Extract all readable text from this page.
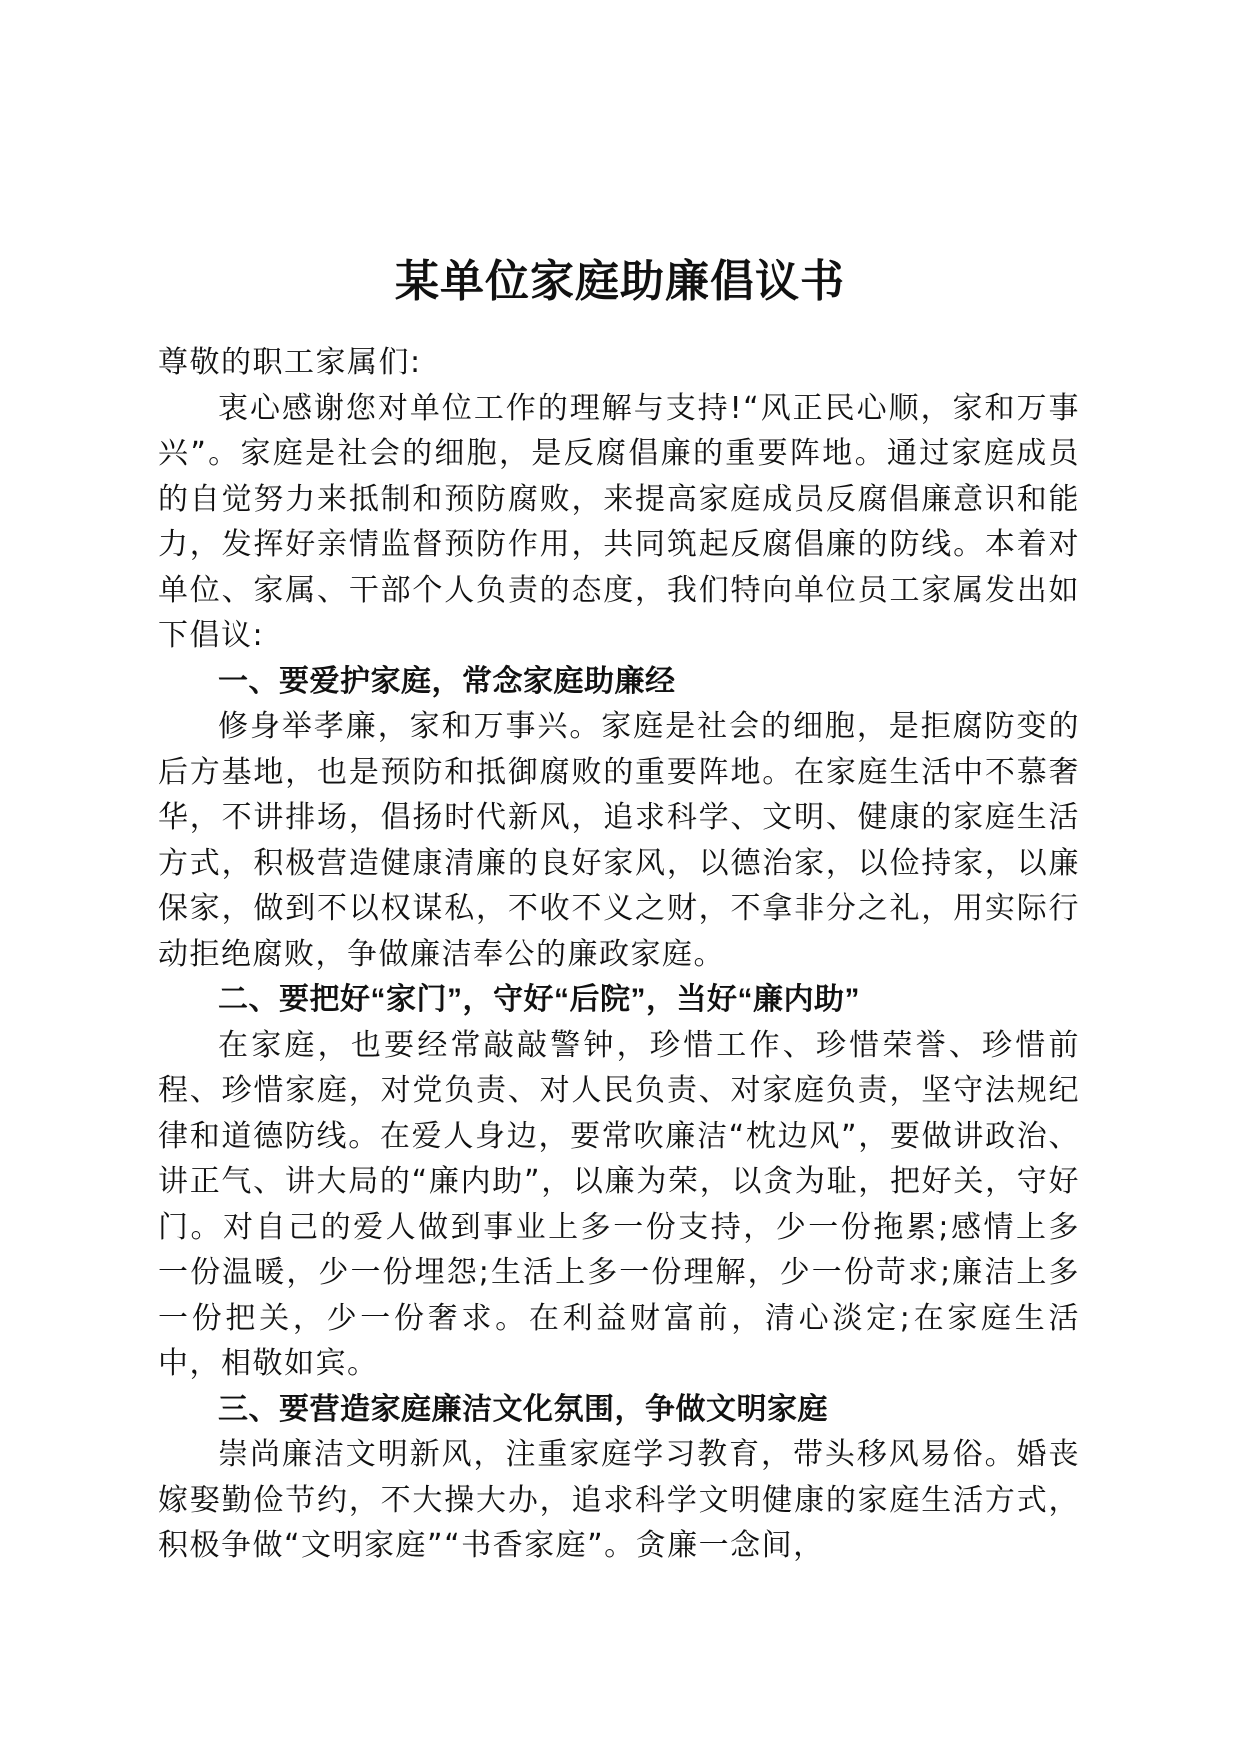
某单位家庭助廉倡议书

尊敬的职工家属们:

衷心感谢您对单位工作的理解与支持!“风正民心顺，家和万事兴”。家庭是社会的细胞，是反腐倡廉的重要阵地。通过家庭成员的自觉努力来抵制和预防腐败，来提高家庭成员反腐倡廉意识和能力，发挥好亲情监督预防作用，共同筑起反腐倡廉的防线。本着对单位、家属、干部个人负责的态度，我们特向单位员工家属发出如下倡议:

一、要爱护家庭，常念家庭助廉经

修身举孝廉，家和万事兴。家庭是社会的细胞，是拒腐防变的后方基地，也是预防和抵御腐败的重要阵地。在家庭生活中不慕奢华，不讲排场，倡扬时代新风，追求科学、文明、健康的家庭生活方式，积极营造健康清廉的良好家风，以德治家，以俭持家，以廉保家，做到不以权谋私，不收不义之财，不拿非分之礼，用实际行动拒绝腐败，争做廉洁奉公的廉政家庭。

二、要把好“家门”，守好“后院”，当好“廉内助”

在家庭，也要经常敲敲警钟，珍惜工作、珍惜荣誉、珍惜前程、珍惜家庭，对党负责、对人民负责、对家庭负责，坚守法规纪律和道德防线。在爱人身边，要常吹廉洁“枕边风”，要做讲政治、讲正气、讲大局的“廉内助”，以廉为荣，以贪为耻，把好关，守好门。对自己的爱人做到事业上多一份支持，少一份拖累;感情上多一份温暖，少一份埋怨;生活上多一份理解，少一份苛求;廉洁上多一份把关，少一份奢求。在利益财富前，清心淡定;在家庭生活中，相敬如宾。

三、要营造家庭廉洁文化氛围，争做文明家庭

崇尚廉洁文明新风，注重家庭学习教育，带头移风易俗。婚丧嫁娶勤俭节约，不大操大办，追求科学文明健康的家庭生活方式，积极争做“文明家庭”“书香家庭”。贪廉一念间，
